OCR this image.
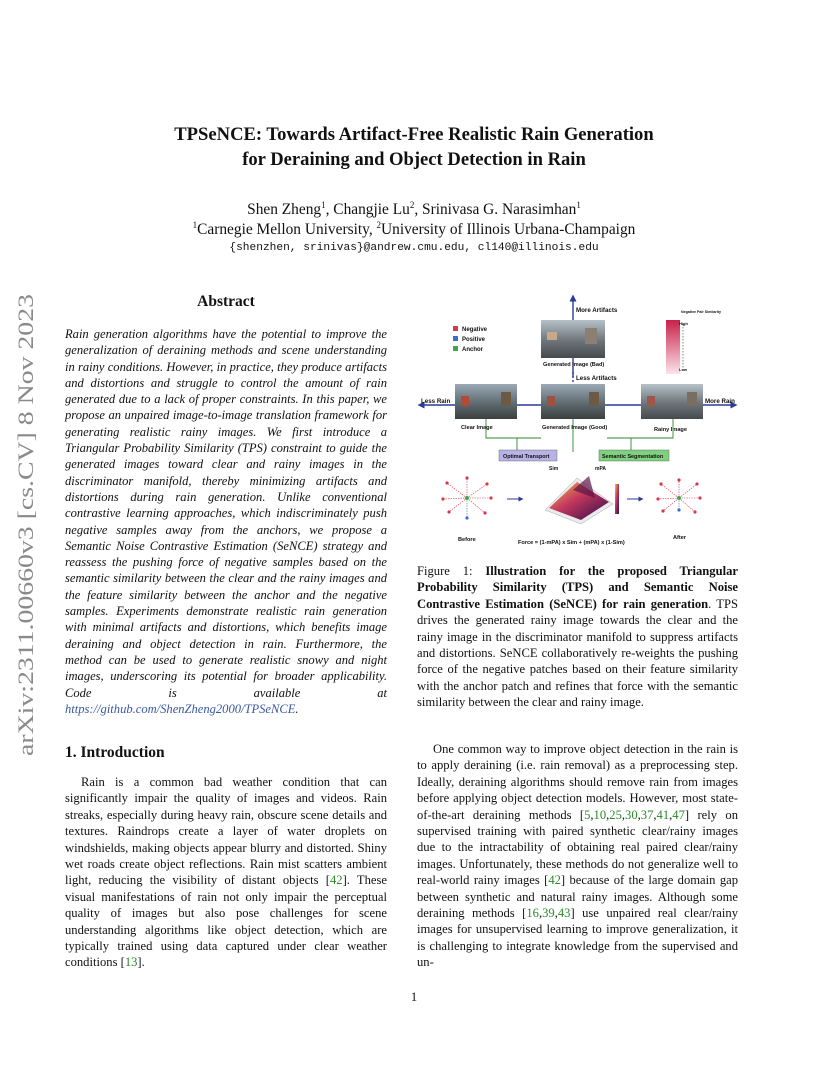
arXiv:2311.00660v3 [cs.CV] 8 Nov 2023
TPSeNCE: Towards Artifact-Free Realistic Rain Generation
for Deraining and Object Detection in Rain
Shen Zheng$^1$, Changjie Lu$^2$, Srinivasa G. Narasimhan$^1$
$^1$Carnegie Mellon University, $^2$University of Illinois Urbana-Champaign
{shenzhen, srinivas}@andrew.cmu.edu, cl140@illinois.edu
Abstract
Rain generation algorithms have the potential to improve the generalization of deraining methods and scene understanding in rainy conditions. However, in practice, they produce artifacts and distortions and struggle to control the amount of rain generated due to a lack of proper constraints. In this paper, we propose an unpaired image-to-image translation framework for generating realistic rainy images. We first introduce a Triangular Probability Similarity (TPS) constraint to guide the generated images toward clear and rainy images in the discriminator manifold, thereby minimizing artifacts and distortions during rain generation. Unlike conventional contrastive learning approaches, which indiscriminately push negative samples away from the anchors, we propose a Semantic Noise Contrastive Estimation (SeNCE) strategy and reassess the pushing force of negative samples based on the semantic similarity between the clear and the rainy images and the feature similarity between the anchor and the negative samples. Experiments demonstrate realistic rain generation with minimal artifacts and distortions, which benefits image deraining and object detection in rain. Furthermore, the method can be used to generate realistic snowy and night images, underscoring its potential for broader applicability. Code is available at https://github.com/ShenZheng2000/TPSeNCE.
1. Introduction
Rain is a common bad weather condition that can significantly impair the quality of images and videos. Rain streaks, especially during heavy rain, obscure scene details and textures. Raindrops create a layer of water droplets on windshields, making objects appear blurry and distorted. Shiny wet roads create object reflections. Rain mist scatters ambient light, reducing the visibility of distant objects [42]. These visual manifestations of rain not only impair the perceptual quality of images but also pose challenges for scene understanding algorithms like object detection, which are typically trained using data captured under clear weather conditions [13].
More Artifacts
Less Artifacts
Less Rain	More Rain
Negative
Positive
Anchor
Negative Pair Similarity
High
Low
Generated Image (Bad)
Clear Image	Generated Image (Good)	Rainy Image
Optimal Transport	Semantic Segmentation
Sim	mPA
Before	After
Force = (1-mPA) x Sim + (mPA) x (1-Sim)
Figure 1: Illustration for the proposed Triangular Probability Similarity (TPS) and Semantic Noise Contrastive Estimation (SeNCE) for rain generation. TPS drives the generated rainy image towards the clear and the rainy image in the discriminator manifold to suppress artifacts and distortions. SeNCE collaboratively re-weights the pushing force of the negative patches based on their feature similarity with the anchor patch and refines that force with the semantic similarity between the clear and rainy image.
One common way to improve object detection in the rain is to apply deraining (i.e. rain removal) as a preprocessing step. Ideally, deraining algorithms should remove rain from images before applying object detection models. However, most state-of-the-art deraining methods [5,10,25,30,37,41,47] rely on supervised training with paired synthetic clear/rainy images due to the intractability of obtaining real paired clear/rainy images. Unfortunately, these methods do not generalize well to real-world rainy images [42] because of the large domain gap between synthetic and natural rainy images. Although some deraining methods [16,39,43] use unpaired real clear/rainy images for unsupervised learning to improve generalization, it is challenging to integrate knowledge from the supervised and un-
1
